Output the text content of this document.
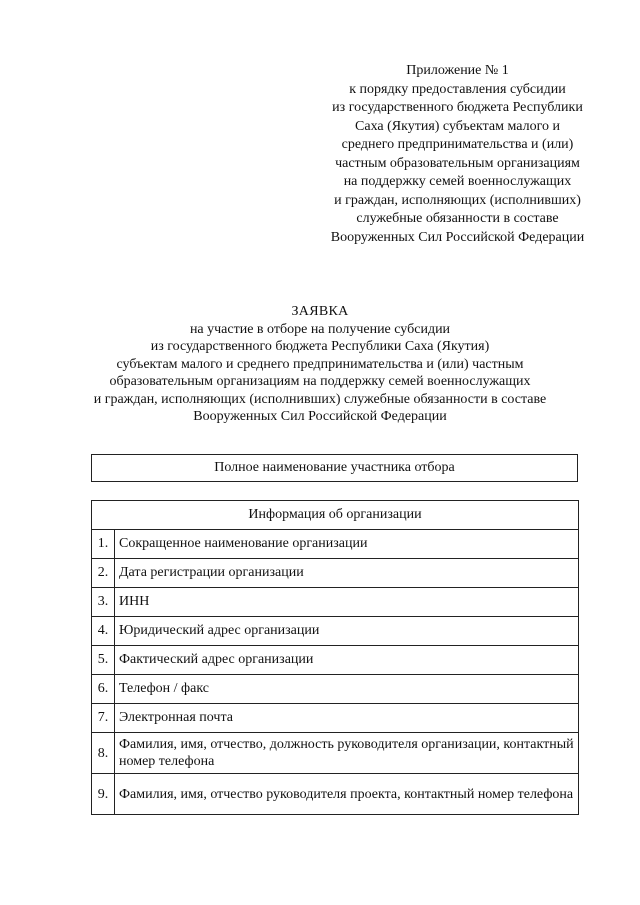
Приложение № 1
к порядку предоставления субсидии
из государственного бюджета Республики
Саха (Якутия) субъектам малого и
среднего предпринимательства и (или)
частным образовательным организациям
на поддержку семей военнослужащих
и граждан, исполняющих (исполнивших)
служебные обязанности в составе
Вооруженных Сил Российской Федерации
ЗАЯВКА
на участие в отборе на получение субсидии
из государственного бюджета Республики Саха (Якутия)
субъектам малого и среднего предпринимательства и (или) частным
образовательным организациям на поддержку семей военнослужащих
и граждан, исполняющих (исполнивших) служебные обязанности в составе
Вооруженных Сил Российской Федерации
Полное наименование участника отбора
Информация об организации	
1.	Сокращенное наименование организации
2.	Дата регистрации организации
3.	ИНН
4.	Юридический адрес организации
5.	Фактический адрес организации
6.	Телефон / факс
7.	Электронная почта
8.	Фамилия, имя, отчество, должность руководителя организации, контактный номер телефона
9.	Фамилия, имя, отчество руководителя проекта, контактный номер телефона
